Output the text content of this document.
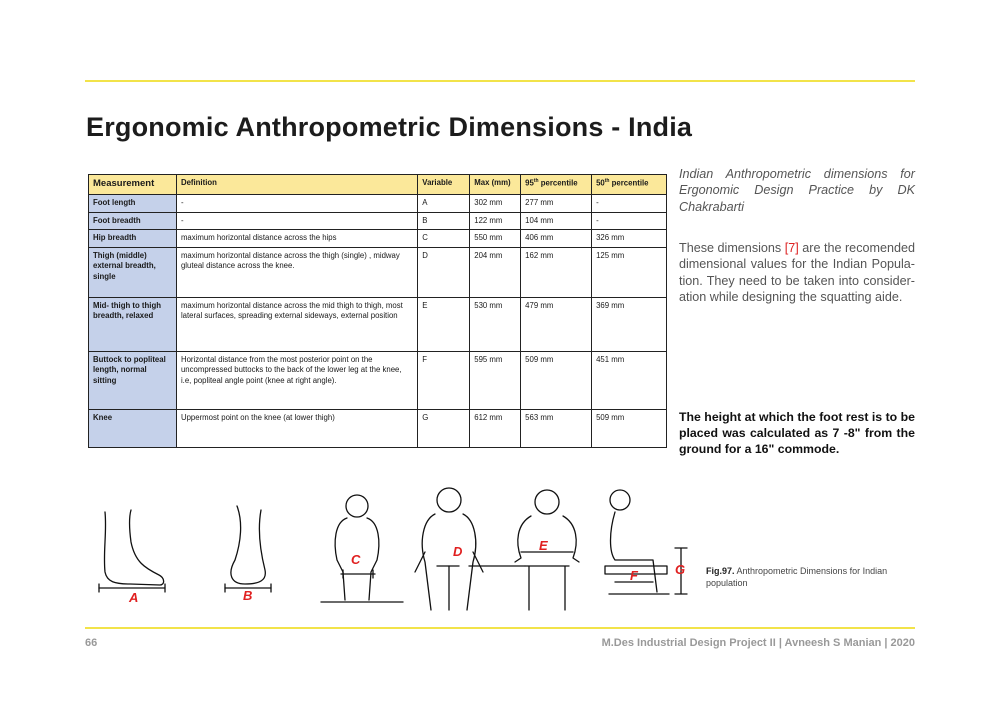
Ergonomic Anthropometric Dimensions - India
Measurement	Definition	Variable	Max (mm)	95th percentile	50th percentile
Foot length	-	A	302 mm	277 mm	-
Foot breadth	-	B	122 mm	104 mm	-
Hip breadth	maximum horizontal distance across the hips	C	550 mm	406 mm	326 mm
Thigh (middle) external breadth, single	maximum horizontal distance across the thigh (single) , midway gluteal distance across the knee.	D	204 mm	162 mm	125 mm
Mid- thigh to thigh breadth, relaxed	maximum horizontal distance across the mid thigh to thigh, most lateral surfaces, spreading external sideways, external position	E	530 mm	479 mm	369 mm
Buttock to popliteal length, normal sitting	Horizontal distance from the most posterior point on the uncompressed buttocks to the back of the lower leg at the knee, i.e, popliteal angle point (knee at right angle).	F	595 mm	509 mm	451 mm
Knee	Uppermost point on the knee (at lower thigh)	G	612 mm	563 mm	509 mm

Indian Anthropometric dimensions for Ergonomic Design Practice by DK Chakrabarti

These dimensions [7] are the recomended dimensional values for the Indian Popula-tion. They need to be taken into consider-ation while designing the squatting aide.

The height at which the foot rest is to be placed was calculated as 7 -8" from the ground for a 16" commode.

A	B
C
D	E
F	G Fig.97. Anthropometric Dimensions for Indian population

66	M.Des Industrial Design Project II | Avneesh S Manian | 2020
